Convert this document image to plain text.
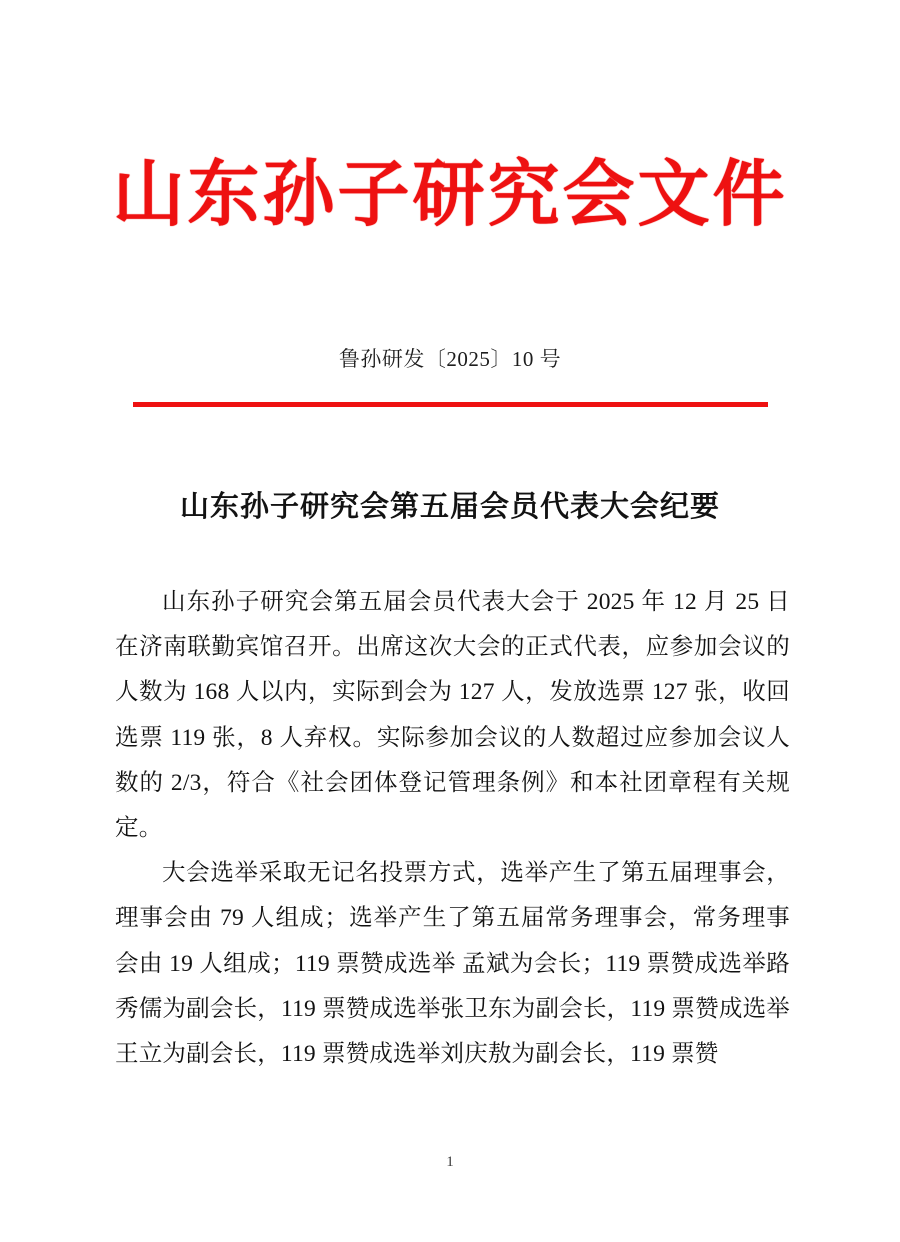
山东孙子研究会文件
鲁孙研发〔2025〕10 号
山东孙子研究会第五届会员代表大会纪要

山东孙子研究会第五届会员代表大会于 2025 年 12 月 25 日在济南联勤宾馆召开。出席这次大会的正式代表，应参加会议的人数为 168 人以内，实际到会为 127 人，发放选票 127 张，收回选票 119 张，8 人弃权。实际参加会议的人数超过应参加会议人数的 2/3，符合《社会团体登记管理条例》和本社团章程有关规定。

大会选举采取无记名投票方式，选举产生了第五届理事会，理事会由 79 人组成；选举产生了第五届常务理事会，常务理事会由 19 人组成；119 票赞成选举 孟斌为会长；119 票赞成选举路秀儒为副会长，119 票赞成选举张卫东为副会长，119 票赞成选举王立为副会长，119 票赞成选举刘庆敖为副会长，119 票赞

1
